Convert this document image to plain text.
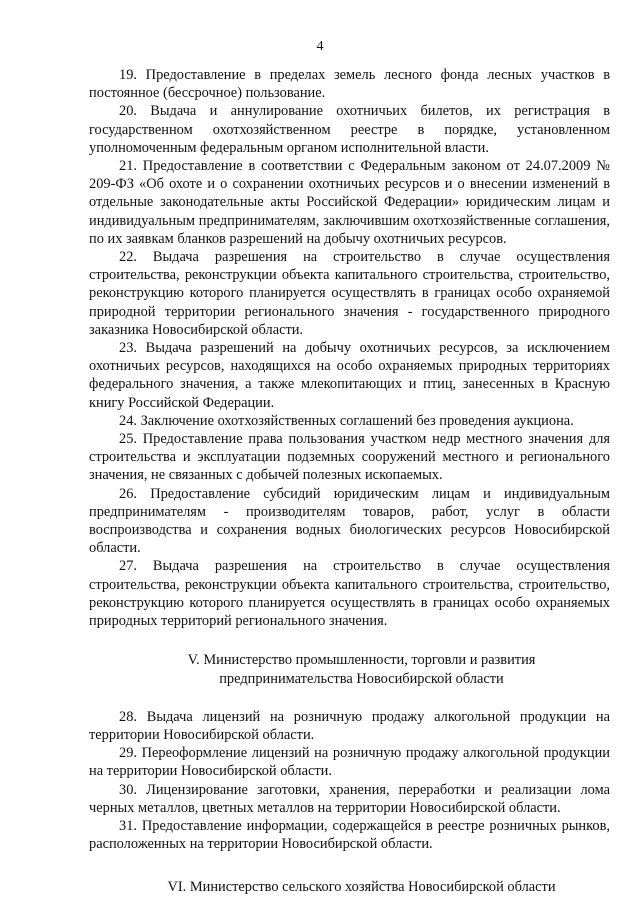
4

19. Предоставление в пределах земель лесного фонда лесных участков в постоянное (бессрочное) пользование.

20. Выдача и аннулирование охотничьих билетов, их регистрация в государственном охотхозяйственном реестре в порядке, установленном уполномоченным федеральным органом исполнительной власти.

21. Предоставление в соответствии с Федеральным законом от 24.07.2009 № 209-ФЗ «Об охоте и о сохранении охотничьих ресурсов и о внесении изменений в отдельные законодательные акты Российской Федерации» юридическим лицам и индивидуальным предпринимателям, заключившим охотхозяйственные соглашения, по их заявкам бланков разрешений на добычу охотничьих ресурсов.

22. Выдача разрешения на строительство в случае осуществления строительства, реконструкции объекта капитального строительства, строительство, реконструкцию которого планируется осуществлять в границах особо охраняемой природной территории регионального значения - государственного природного заказника Новосибирской области.

23. Выдача разрешений на добычу охотничьих ресурсов, за исключением охотничьих ресурсов, находящихся на особо охраняемых природных территориях федерального значения, а также млекопитающих и птиц, занесенных в Красную книгу Российской Федерации.

24. Заключение охотхозяйственных соглашений без проведения аукциона.

25. Предоставление права пользования участком недр местного значения для строительства и эксплуатации подземных сооружений местного и регионального значения, не связанных с добычей полезных ископаемых.

26. Предоставление субсидий юридическим лицам и индивидуальным предпринимателям - производителям товаров, работ, услуг в области воспроизводства и сохранения водных биологических ресурсов Новосибирской области.

27. Выдача разрешения на строительство в случае осуществления строительства, реконструкции объекта капитального строительства, строительство, реконструкцию которого планируется осуществлять в границах особо охраняемых природных территорий регионального значения.

V. Министерство промышленности, торговли и развития

предпринимательства Новосибирской области

28. Выдача лицензий на розничную продажу алкогольной продукции на территории Новосибирской области.

29. Переоформление лицензий на розничную продажу алкогольной продукции на территории Новосибирской области.

30. Лицензирование заготовки, хранения, переработки и реализации лома черных металлов, цветных металлов на территории Новосибирской области.

31. Предоставление информации, содержащейся в реестре розничных рынков, расположенных на территории Новосибирской области.

VI. Министерство сельского хозяйства Новосибирской области
